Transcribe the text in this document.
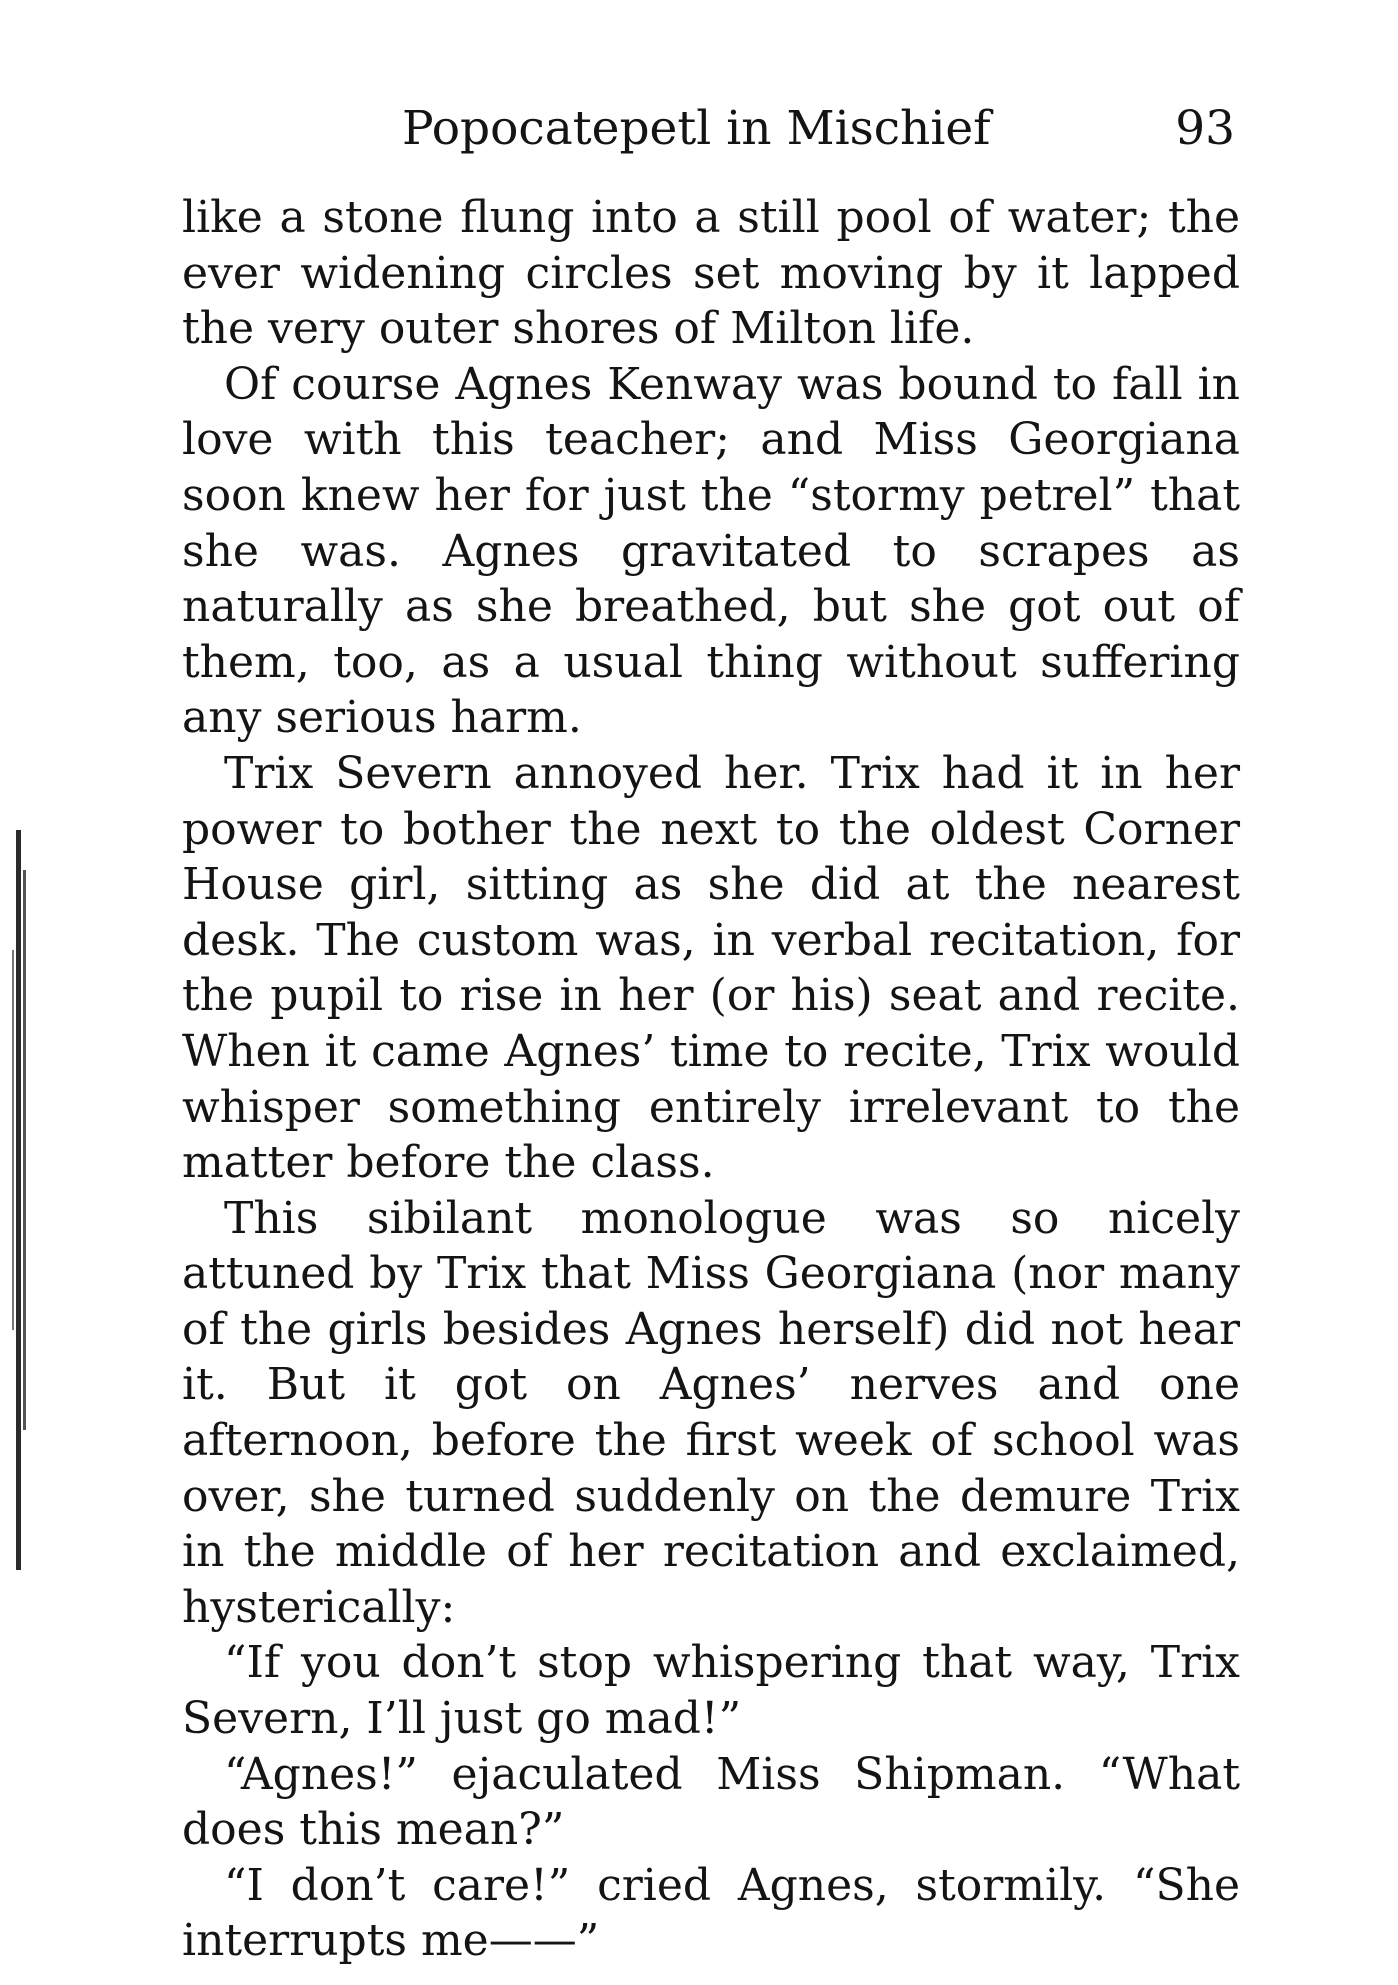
Popocatepetl in Mischief	93

like a stone flung into a still pool of water; the ever widening circles set moving by it lapped the very outer shores of Milton life.

Of course Agnes Kenway was bound to fall in love with this teacher; and Miss Georgiana soon knew her for just the “stormy petrel” that she was. Agnes gravitated to scrapes as naturally as she breathed, but she got out of them, too, as a usual thing without suffering any serious harm.

Trix Severn annoyed her. Trix had it in her power to bother the next to the oldest Corner House girl, sitting as she did at the nearest desk. The custom was, in verbal recitation, for the pupil to rise in her (or his) seat and recite. When it came Agnes’ time to recite, Trix would whisper something entirely irrelevant to the matter before the class.

This sibilant monologue was so nicely attuned by Trix that Miss Georgiana (nor many of the girls besides Agnes herself) did not hear it. But it got on Agnes’ nerves and one afternoon, before the first week of school was over, she turned suddenly on the demure Trix in the middle of her recitation and exclaimed, hysterically:

“If you don’t stop whispering that way, Trix Severn, I’ll just go mad!”

“Agnes!” ejaculated Miss Shipman. “What does this mean?”

“I don’t care!” cried Agnes, stormily. “She interrupts me——”
